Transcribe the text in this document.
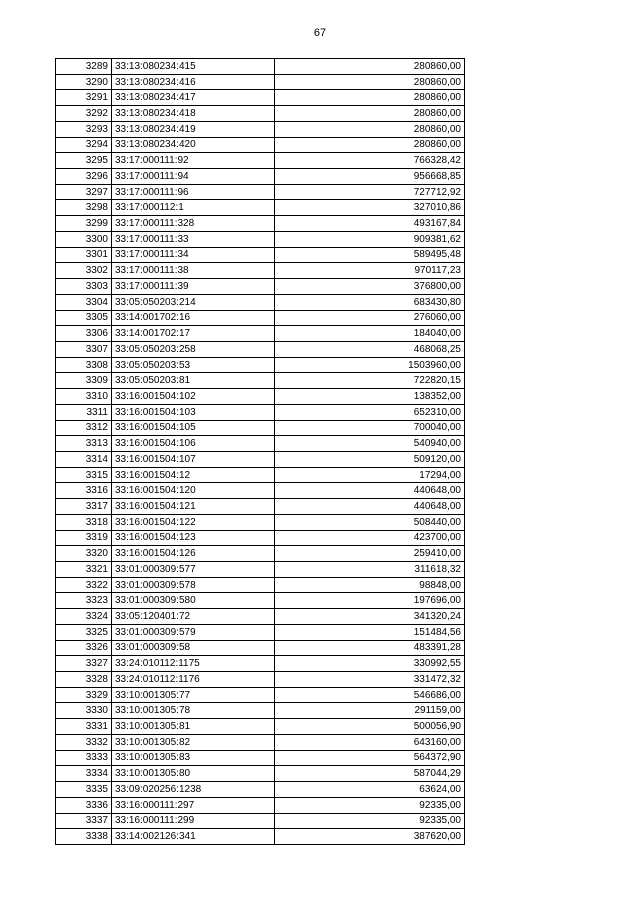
67
3289	33:13:080234:415	280860,00
3290	33:13:080234:416	280860,00
3291	33:13:080234:417	280860,00
3292	33:13:080234:418	280860,00
3293	33:13:080234:419	280860,00
3294	33:13:080234:420	280860,00
3295	33:17:000111:92	766328,42
3296	33:17:000111:94	956668,85
3297	33:17:000111:96	727712,92
3298	33:17:000112:1	327010,86
3299	33:17:000111:328	493167,84
3300	33:17:000111:33	909381,62
3301	33:17:000111:34	589495,48
3302	33:17:000111:38	970117,23
3303	33:17:000111:39	376800,00
3304	33:05:050203:214	683430,80
3305	33:14:001702:16	276060,00
3306	33:14:001702:17	184040,00
3307	33:05:050203:258	468068,25
3308	33:05:050203:53	1503960,00
3309	33:05:050203:81	722820,15
3310	33:16:001504:102	138352,00
3311	33:16:001504:103	652310,00
3312	33:16:001504:105	700040,00
3313	33:16:001504:106	540940,00
3314	33:16:001504:107	509120,00
3315	33:16:001504:12	17294,00
3316	33:16:001504:120	440648,00
3317	33:16:001504:121	440648,00
3318	33:16:001504:122	508440,00
3319	33:16:001504:123	423700,00
3320	33:16:001504:126	259410,00
3321	33:01:000309:577	311618,32
3322	33:01:000309:578	98848,00
3323	33:01:000309:580	197696,00
3324	33:05:120401:72	341320,24
3325	33:01:000309:579	151484,56
3326	33:01:000309:58	483391,28
3327	33:24:010112:1175	330992,55
3328	33:24:010112:1176	331472,32
3329	33:10:001305:77	546686,00
3330	33:10:001305:78	291159,00
3331	33:10:001305:81	500056,90
3332	33:10:001305:82	643160,00
3333	33:10:001305:83	564372,90
3334	33:10:001305:80	587044,29
3335	33:09:020256:1238	63624,00
3336	33:16:000111:297	92335,00
3337	33:16:000111:299	92335,00
3338	33:14:002126:341	387620,00
